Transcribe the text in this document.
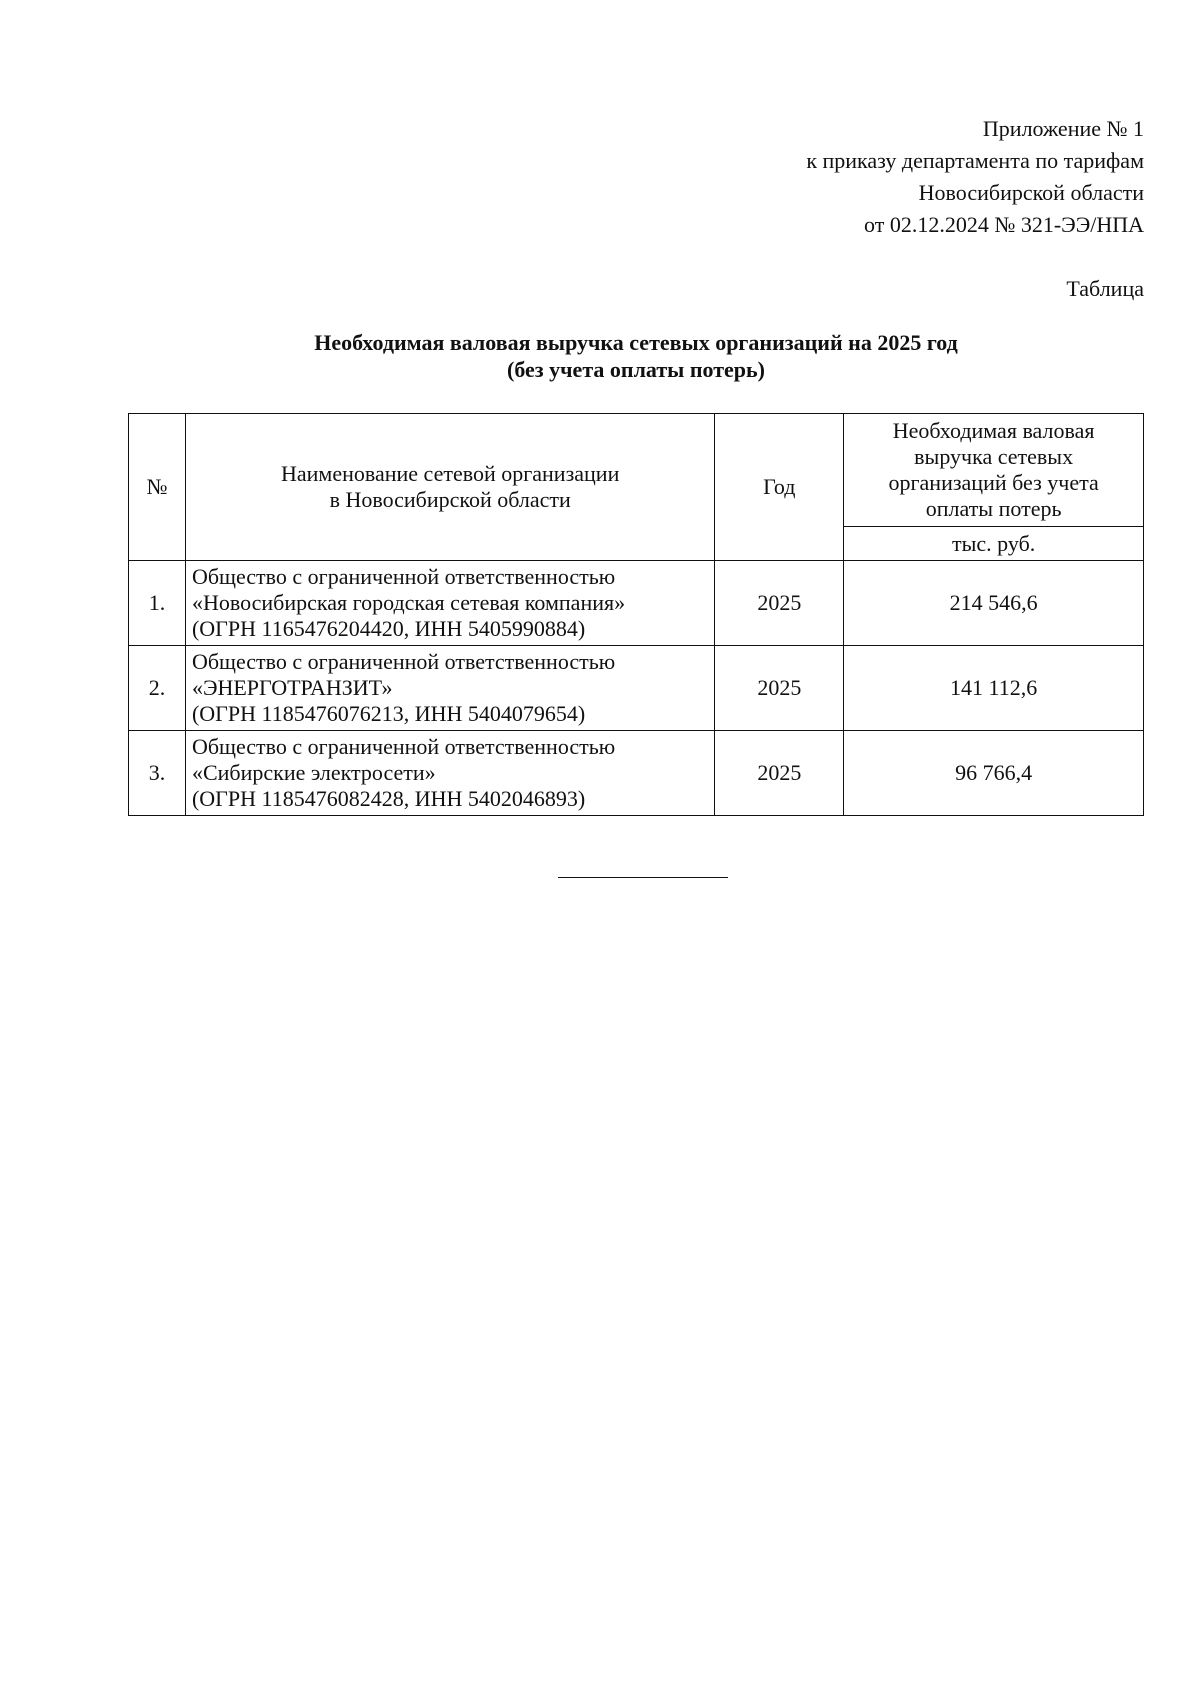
Приложение № 1
к приказу департамента по тарифам
Новосибирской области
от 02.12.2024 № 321-ЭЭ/НПА
Таблица
Необходимая валовая выручка сетевых организаций на 2025 год
(без учета оплаты потерь)
№	Наименование сетевой организации
в Новосибирской области	Год	Необходимая валовая
выручка сетевых
организаций без учета
оплаты потерь

			тыс. руб.
1.	Общество с ограниченной ответственностью
«Новосибирская городская сетевая компания»
(ОГРН 1165476204420, ИНН 5405990884)	2025	214 546,6
2.	Общество с ограниченной ответственностью
«ЭНЕРГОТРАНЗИТ»
(ОГРН 1185476076213, ИНН 5404079654)	2025	141 112,6
3.	Общество с ограниченной ответственностью
«Сибирские электросети»
(ОГРН 1185476082428, ИНН 5402046893)	2025	96 766,4
